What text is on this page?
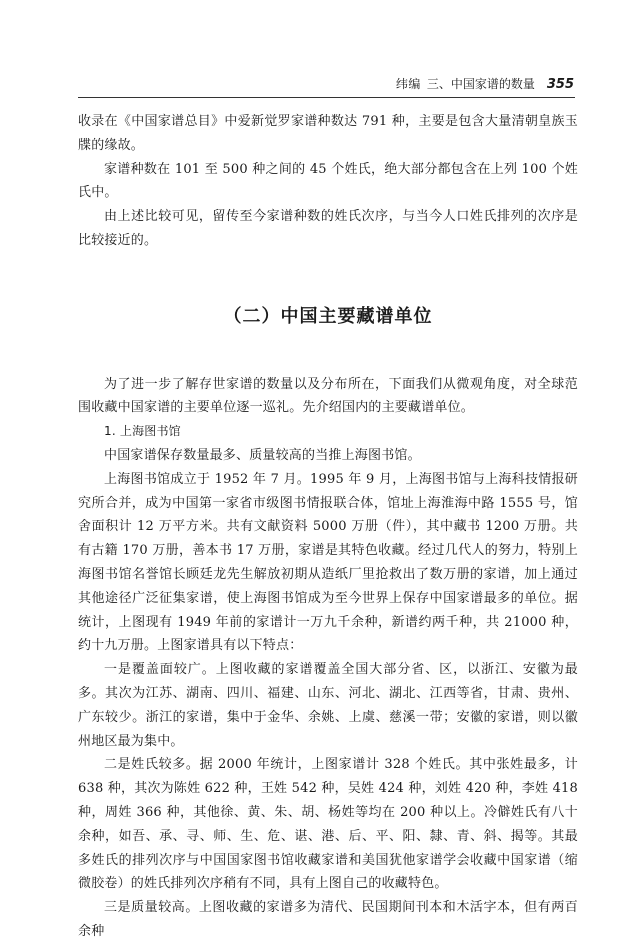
纬编 三、中国家谱的数量 355

收录在《中国家谱总目》中爱新觉罗家谱种数达 791 种，主要是包含大量清朝皇族玉牒的缘故。

家谱种数在 101 至 500 种之间的 45 个姓氏，绝大部分都包含在上列 100 个姓氏中。

由上述比较可见，留传至今家谱种数的姓氏次序，与当今人口姓氏排列的次序是比较接近的。

（二）中国主要藏谱单位

为了进一步了解存世家谱的数量以及分布所在，下面我们从微观角度，对全球范围收藏中国家谱的主要单位逐一巡礼。先介绍国内的主要藏谱单位。

1. 上海图书馆

中国家谱保存数量最多、质量较高的当推上海图书馆。

上海图书馆成立于 1952 年 7 月。1995 年 9 月，上海图书馆与上海科技情报研究所合并，成为中国第一家省市级图书情报联合体，馆址上海淮海中路 1555 号，馆舍面积计 12 万平方米。共有文献资料 5000 万册（件），其中藏书 1200 万册。共有古籍 170 万册，善本书 17 万册，家谱是其特色收藏。经过几代人的努力，特别上海图书馆名誉馆长顾廷龙先生解放初期从造纸厂里抢救出了数万册的家谱，加上通过其他途径广泛征集家谱，使上海图书馆成为至今世界上保存中国家谱最多的单位。据统计，上图现有 1949 年前的家谱计一万九千余种，新谱约两千种，共 21000 种，约十九万册。上图家谱具有以下特点：

一是覆盖面较广。上图收藏的家谱覆盖全国大部分省、区，以浙江、安徽为最多。其次为江苏、湖南、四川、福建、山东、河北、湖北、江西等省，甘肃、贵州、广东较少。浙江的家谱，集中于金华、余姚、上虞、慈溪一带；安徽的家谱，则以徽州地区最为集中。

二是姓氏较多。据 2000 年统计，上图家谱计 328 个姓氏。其中张姓最多，计 638 种，其次为陈姓 622 种，王姓 542 种，吴姓 424 种，刘姓 420 种，李姓 418 种，周姓 366 种，其他徐、黄、朱、胡、杨姓等均在 200 种以上。冷僻姓氏有八十余种，如吾、承、寻、师、生、危、谌、港、后、平、阳、隸、青、斜、揭等。其最多姓氏的排列次序与中国国家图书馆收藏家谱和美国犹他家谱学会收藏中国家谱（缩微胶卷）的姓氏排列次序稍有不同，具有上图自己的收藏特色。

三是质量较高。上图收藏的家谱多为清代、民国期间刊本和木活字本，但有两百余种
